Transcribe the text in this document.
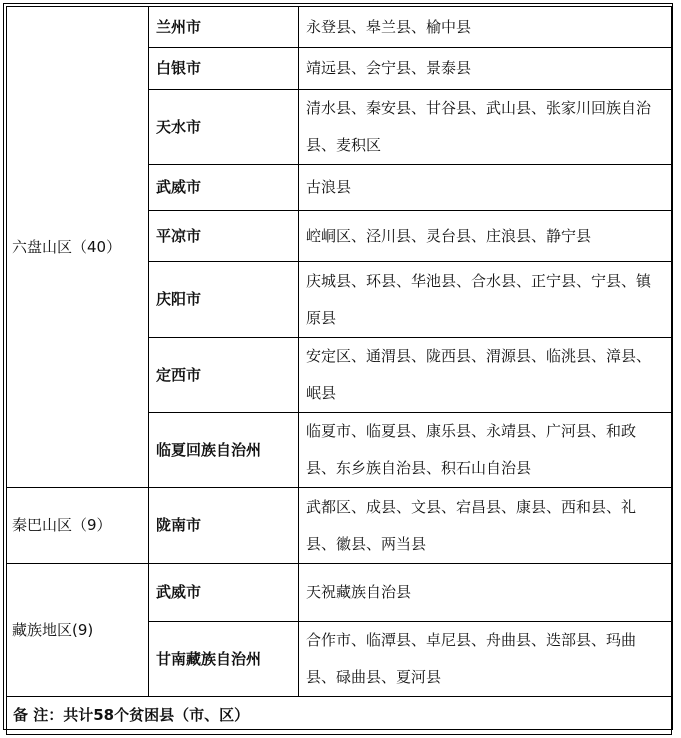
六盘山区（40）	兰州市	永登县、皋兰县、榆中县
	白银市	靖远县、会宁县、景泰县
	天水市	清水县、秦安县、甘谷县、武山县、张家川回族自治县、麦积区
	武威市	古浪县
	平凉市	崆峒区、泾川县、灵台县、庄浪县、静宁县
	庆阳市	庆城县、环县、华池县、合水县、正宁县、宁县、镇原县
	定西市	安定区、通渭县、陇西县、渭源县、临洮县、漳县、岷县
	临夏回族自治州	临夏市、临夏县、康乐县、永靖县、广河县、和政县、东乡族自治县、积石山自治县
秦巴山区（9）	陇南市	武都区、成县、文县、宕昌县、康县、西和县、礼县、徽县、两当县
藏族地区(9)	武威市	天祝藏族自治县
	甘南藏族自治州	合作市、临潭县、卓尼县、舟曲县、迭部县、玛曲县、碌曲县、夏河县
备 注：共计58个贫困县（市、区）		
